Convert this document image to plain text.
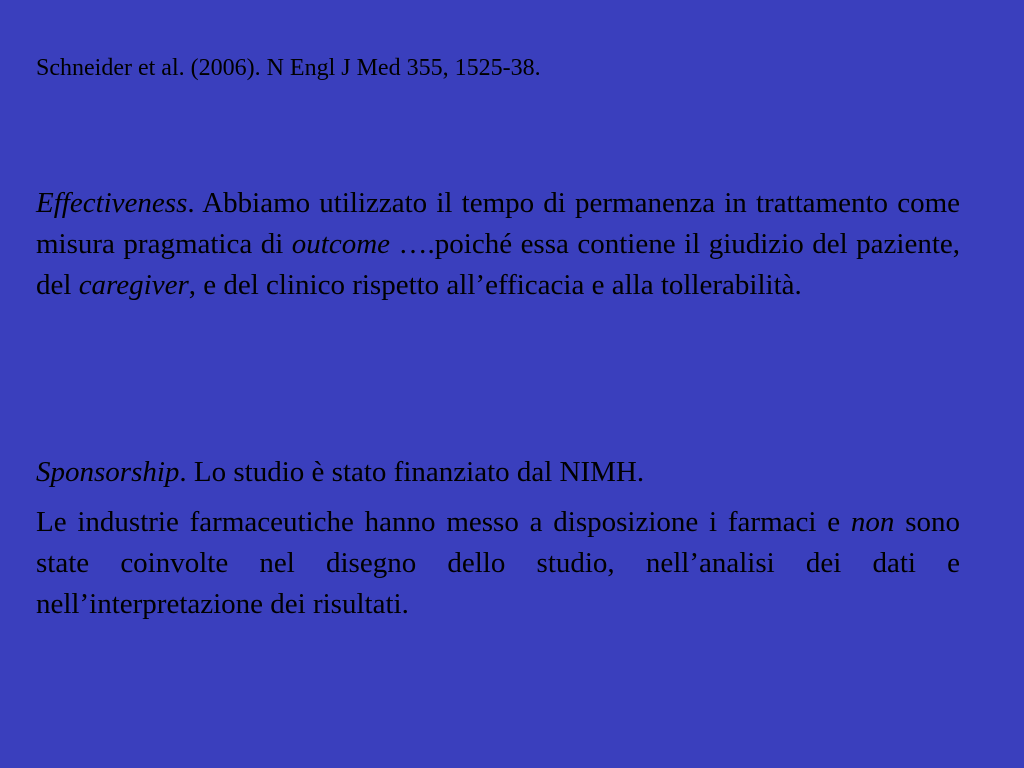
Schneider et al. (2006). N Engl J Med 355, 1525-38.

Effectiveness. Abbiamo utilizzato il tempo di permanenza in trattamento come misura pragmatica di outcome ….poiché essa contiene il giudizio del paziente, del caregiver, e del clinico rispetto all’efficacia e alla tollerabilità.

Sponsorship. Lo studio è stato finanziato dal NIMH.

Le industrie farmaceutiche hanno messo a disposizione i farmaci e non sono state coinvolte nel disegno dello studio, nell’analisi dei dati e nell’interpretazione dei risultati.
